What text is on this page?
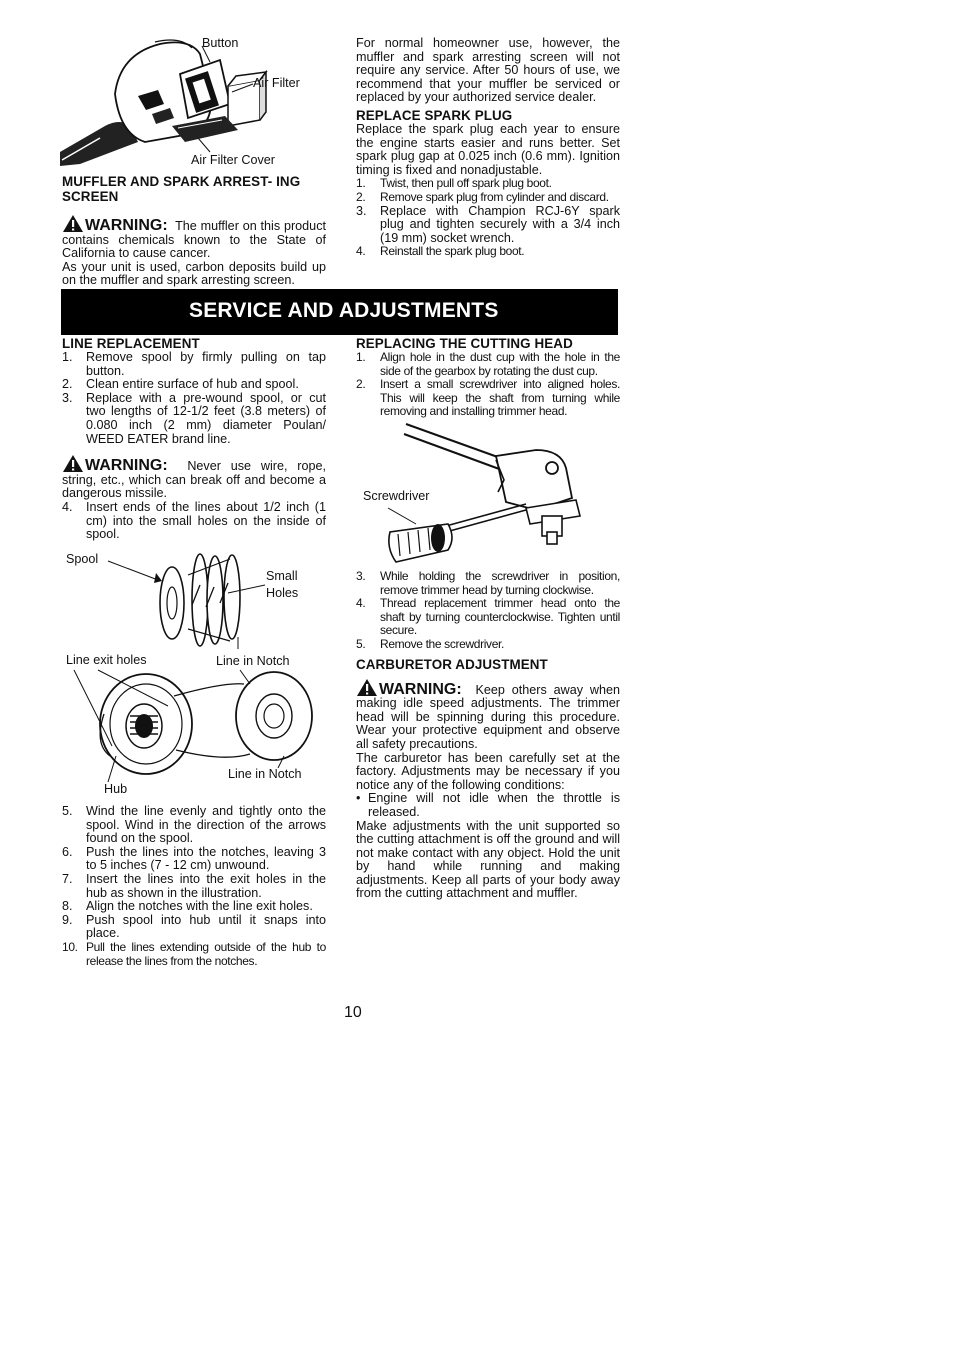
Button
Air Filter
Air Filter Cover
MUFFLER AND SPARK ARREST- ING SCREEN

WARNING: The muffler on this product contains chemicals known to the State of California to cause cancer.

As your unit is used, carbon deposits build up on the muffler and spark arresting screen.

For normal homeowner use, however, the muffler and spark arresting screen will not require any service. After 50 hours of use, we recommend that your muffler be serviced or replaced by your authorized service dealer.

REPLACE SPARK PLUG

Replace the spark plug each year to ensure the engine starts easier and runs better. Set spark plug gap at 0.025 inch (0.6 mm). Ignition timing is fixed and nonadjustable.

1. Twist, then pull off spark plug boot.
2. Remove spark plug from cylinder and discard.
3. Replace with Champion RCJ-6Y spark plug and tighten securely with a 3/4 inch (19 mm) socket wrench.
4. Reinstall the spark plug boot.
SERVICE AND ADJUSTMENTS
LINE REPLACEMENT
1. Remove spool by firmly pulling on tap button.
2. Clean entire surface of hub and spool.
3. Replace with a pre-wound spool, or cut two lengths of 12-1/2 feet (3.8 meters) of 0.080 inch (2 mm) diameter Poulan/ WEED EATER brand line.

WARNING: Never use wire, rope, string, etc., which can break off and become a dangerous missile.

4. Insert ends of the lines about 1/2 inch (1 cm) into the small holes on the inside of spool.
Spool
Small Holes
Line exit holes	Line in Notch
Line in Notch
Hub
5. Wind the line evenly and tightly onto the spool. Wind in the direction of the arrows found on the spool.
6. Push the lines into the notches, leaving 3 to 5 inches (7 - 12 cm) unwound.
7. Insert the lines into the exit holes in the hub as shown in the illustration.
8. Align the notches with the line exit holes.
9. Push spool into hub until it snaps into place.
10. Pull the lines extending outside of the hub to release the lines from the notches.
REPLACING THE CUTTING HEAD
1. Align hole in the dust cup with the hole in the side of the gearbox by rotating the dust cup.
2. Insert a small screwdriver into aligned holes. This will keep the shaft from turning while removing and installing trimmer head.
Screwdriver
3. While holding the screwdriver in position, remove trimmer head by turning clockwise.
4. Thread replacement trimmer head onto the shaft by turning counterclockwise. Tighten until secure.
5. Remove the screwdriver.
CARBURETOR ADJUSTMENT

WARNING: Keep others away when making idle speed adjustments. The trimmer head will be spinning during this procedure. Wear your protective equipment and observe all safety precautions.

The carburetor has been carefully set at the factory. Adjustments may be necessary if you notice any of the following conditions:

• Engine will not idle when the throttle is released.

Make adjustments with the unit supported so the cutting attachment is off the ground and will not make contact with any object. Hold the unit by hand while running and making adjustments. Keep all parts of your body away from the cutting attachment and muffler.

10
